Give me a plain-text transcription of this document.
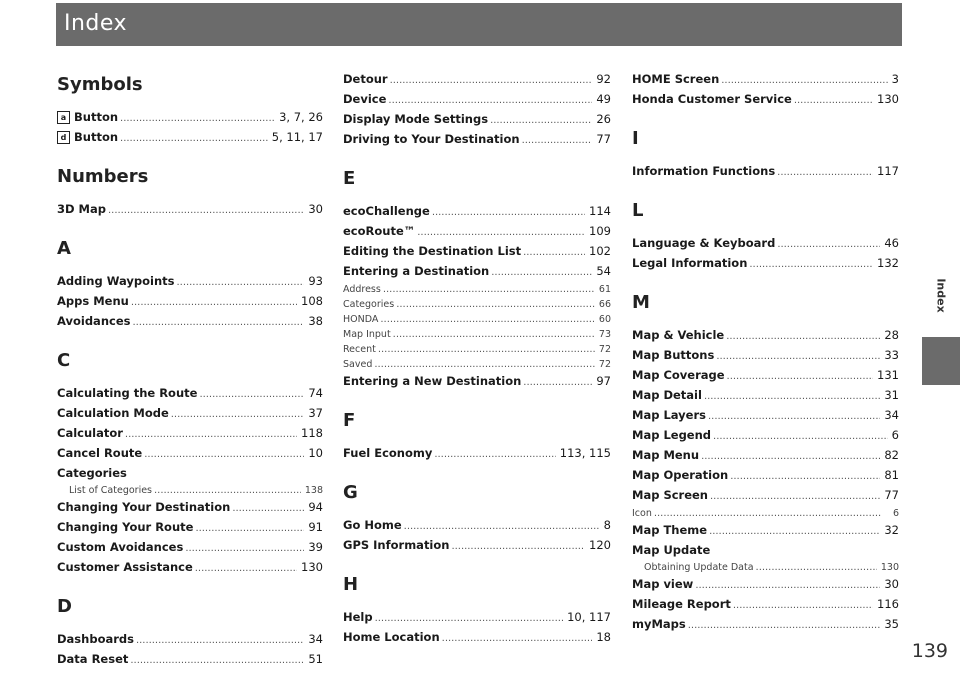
Index
Index
139
Symbols
a Button . . .	3, 7, 26
d Button . . .	5, 11, 17
Numbers
3D Map . . .	30
A
Adding Waypoints . . .	93
Apps Menu . . .	108
Avoidances . . .	38
C
Calculating the Route . . .	74
Calculation Mode . . .	37
Calculator . . .	118
Cancel Route . . .	10
Categories
List of Categories . . .	138
Changing Your Destination . . .	94
Changing Your Route . . .	91
Custom Avoidances . . .	39
Customer Assistance . . .	130
D
Dashboards . . .	34
Data Reset . . .	51
Detour . . .	92
Device . . .	49
Display Mode Settings . . .	26
Driving to Your Destination . . .	77
E
ecoChallenge . . .	114
ecoRoute™ . . .	109
Editing the Destination List . . .	102
Entering a Destination . . .	54
Address . . .	61
Categories . . .	66
HONDA . . .	60
Map Input . . .	73
Recent . . .	72
Saved . . .	72
Entering a New Destination . . .	97
F
Fuel Economy . . .	113, 115
G
Go Home . . .	8
GPS Information . . .	120
H
Help . . .	10, 117
Home Location . . .	18
HOME Screen . . .	3
Honda Customer Service . . .	130
I
Information Functions . . .	117
L
Language & Keyboard . . .	46
Legal Information . . .	132
M
Map & Vehicle . . .	28
Map Buttons . . .	33
Map Coverage . . .	131
Map Detail . . .	31
Map Layers . . .	34
Map Legend . . .	6
Map Menu . . .	82
Map Operation . . .	81
Map Screen . . .	77
Icon . . .	6
Map Theme . . .	32
Map Update
Obtaining Update Data . . .	130
Map view . . .	30
Mileage Report . . .	116
myMaps . . .	35
